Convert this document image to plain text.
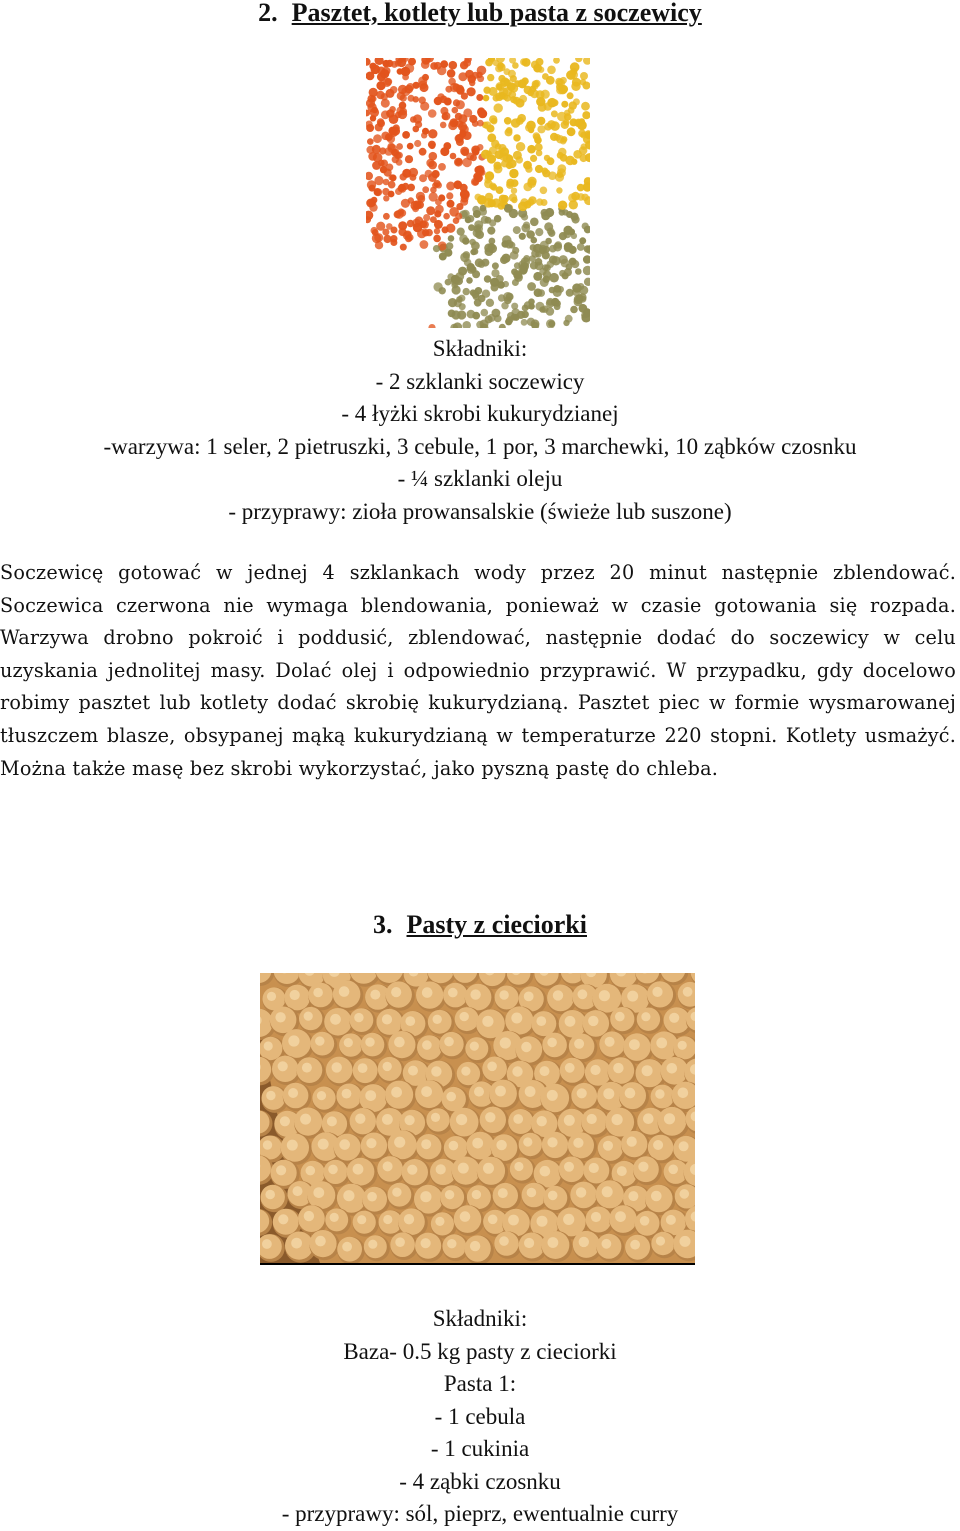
2. Pasztet, kotlety lub pasta z soczewicy
Składniki:
- 2 szklanki soczewicy
- 4 łyżki skrobi kukurydzianej
-warzywa: 1 seler, 2 pietruszki, 3 cebule, 1 por, 3 marchewki, 10 ząbków czosnku
- ¼ szklanki oleju
- przyprawy: zioła prowansalskie (świeże lub suszone)
Soczewicę gotować w jednej 4 szklankach wody przez 20 minut następnie zblendować. Soczewica czerwona nie wymaga blendowania, ponieważ w czasie gotowania się rozpada. Warzywa drobno pokroić i poddusić, zblendować, następnie dodać do soczewicy w celu uzyskania jednolitej masy. Dolać olej i odpowiednio przyprawić. W przypadku, gdy docelowo robimy pasztet lub kotlety dodać skrobię kukurydzianą. Pasztet piec w formie wysmarowanej tłuszczem blasze, obsypanej mąką kukurydzianą w temperaturze 220 stopni. Kotlety usmażyć. Można także masę bez skrobi wykorzystać, jako pyszną pastę do chleba.
3. Pasty z cieciorki
Składniki:
Baza- 0.5 kg pasty z cieciorki
Pasta 1:
- 1 cebula
- 1 cukinia
- 4 ząbki czosnku
- przyprawy: sól, pieprz, ewentualnie curry
